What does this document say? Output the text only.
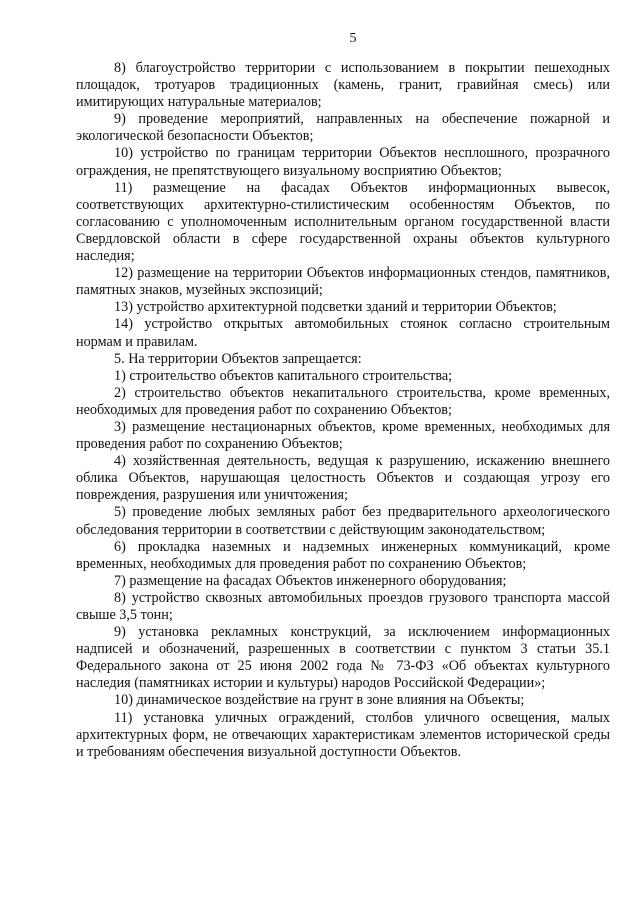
5

8) благоустройство территории с использованием в покрытии пешеходных площадок, тротуаров традиционных (камень, гранит, гравийная смесь) или имитирующих натуральные материалов;

9) проведение мероприятий, направленных на обеспечение пожарной и экологической безопасности Объектов;

10) устройство по границам территории Объектов несплошного, прозрачного ограждения, не препятствующего визуальному восприятию Объектов;

11) размещение на фасадах Объектов информационных вывесок, соответствующих архитектурно-стилистическим особенностям Объектов, по согласованию с уполномоченным исполнительным органом государственной власти Свердловской области в сфере государственной охраны объектов культурного наследия;

12) размещение на территории Объектов информационных стендов, памятников, памятных знаков, музейных экспозиций;

13) устройство архитектурной подсветки зданий и территории Объектов;

14) устройство открытых автомобильных стоянок согласно строительным нормам и правилам.

5. На территории Объектов запрещается:

1) строительство объектов капитального строительства;

2) строительство объектов некапитального строительства, кроме временных, необходимых для проведения работ по сохранению Объектов;

3) размещение нестационарных объектов, кроме временных, необходимых для проведения работ по сохранению Объектов;

4) хозяйственная деятельность, ведущая к разрушению, искажению внешнего облика Объектов, нарушающая целостность Объектов и создающая угрозу его повреждения, разрушения или уничтожения;

5) проведение любых земляных работ без предварительного археологического обследования территории в соответствии с действующим законодательством;

6) прокладка наземных и надземных инженерных коммуникаций, кроме временных, необходимых для проведения работ по сохранению Объектов;

7) размещение на фасадах Объектов инженерного оборудования;

8) устройство сквозных автомобильных проездов грузового транспорта массой свыше 3,5 тонн;

9) установка рекламных конструкций, за исключением информационных надписей и обозначений, разрешенных в соответствии с пунктом 3 статьи 35.1 Федерального закона от 25 июня 2002 года № 73-ФЗ «Об объектах культурного наследия (памятниках истории и культуры) народов Российской Федерации»;

10) динамическое воздействие на грунт в зоне влияния на Объекты;

11) установка уличных ограждений, столбов уличного освещения, малых архитектурных форм, не отвечающих характеристикам элементов исторической среды и требованиям обеспечения визуальной доступности Объектов.
